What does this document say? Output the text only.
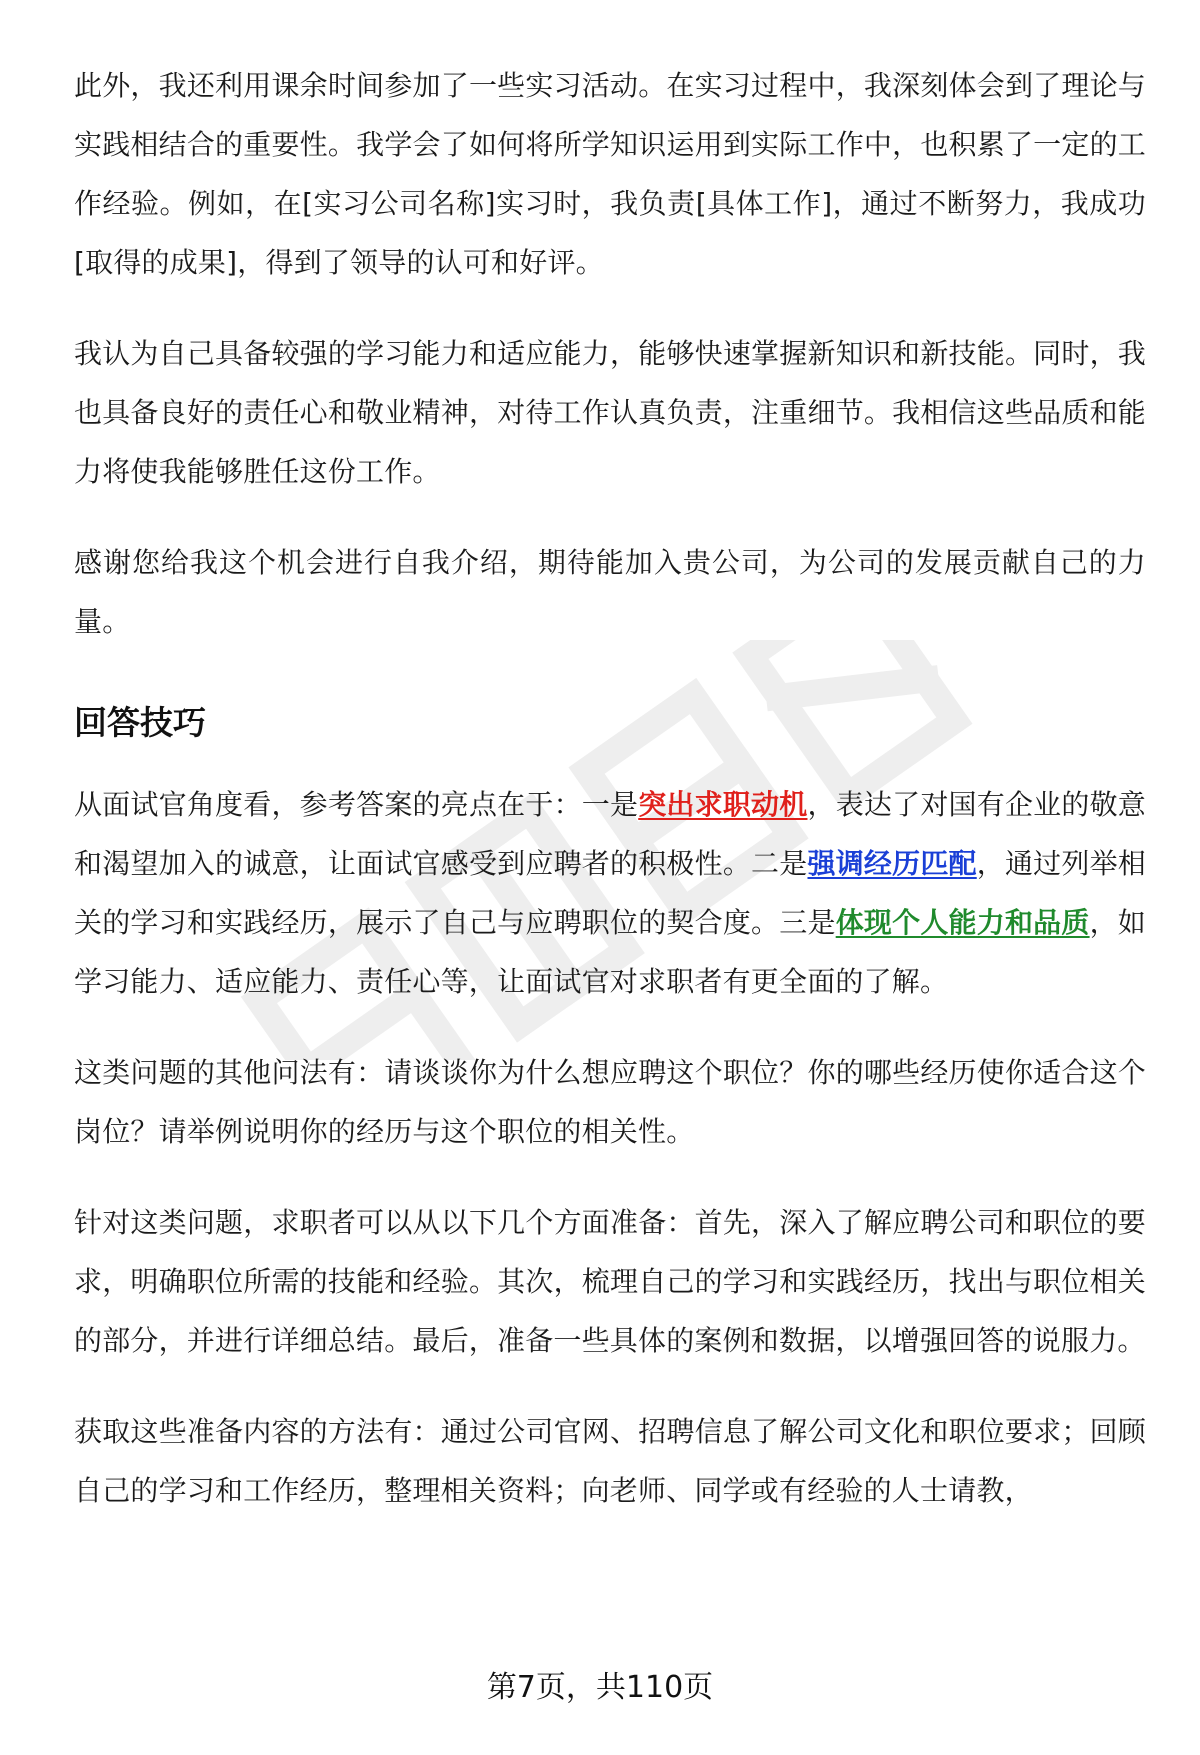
此外，我还利用课余时间参加了一些实习活动。在实习过程中，我深刻体会到了理论与实践相结合的重要性。我学会了如何将所学知识运用到实际工作中，也积累了一定的工作经验。例如，在[实习公司名称]实习时，我负责[具体工作]，通过不断努力，我成功[取得的成果]，得到了领导的认可和好评。

我认为自己具备较强的学习能力和适应能力，能够快速掌握新知识和新技能。同时，我也具备良好的责任心和敬业精神，对待工作认真负责，注重细节。我相信这些品质和能力将使我能够胜任这份工作。

感谢您给我这个机会进行自我介绍，期待能加入贵公司，为公司的发展贡献自己的力量。

回答技巧

从面试官角度看，参考答案的亮点在于：一是突出求职动机，表达了对国有企业的敬意和渴望加入的诚意，让面试官感受到应聘者的积极性。二是强调经历匹配，通过列举相关的学习和实践经历，展示了自己与应聘职位的契合度。三是体现个人能力和品质，如学习能力、适应能力、责任心等，让面试官对求职者有更全面的了解。

这类问题的其他问法有：请谈谈你为什么想应聘这个职位？你的哪些经历使你适合这个岗位？请举例说明你的经历与这个职位的相关性。

针对这类问题，求职者可以从以下几个方面准备：首先，深入了解应聘公司和职位的要求，明确职位所需的技能和经验。其次，梳理自己的学习和实践经历，找出与职位相关的部分，并进行详细总结。最后，准备一些具体的案例和数据，以增强回答的说服力。

获取这些准备内容的方法有：通过公司官网、招聘信息了解公司文化和职位要求；回顾自己的学习和工作经历，整理相关资料；向老师、同学或有经验的人士请教，

第7页，共110页
